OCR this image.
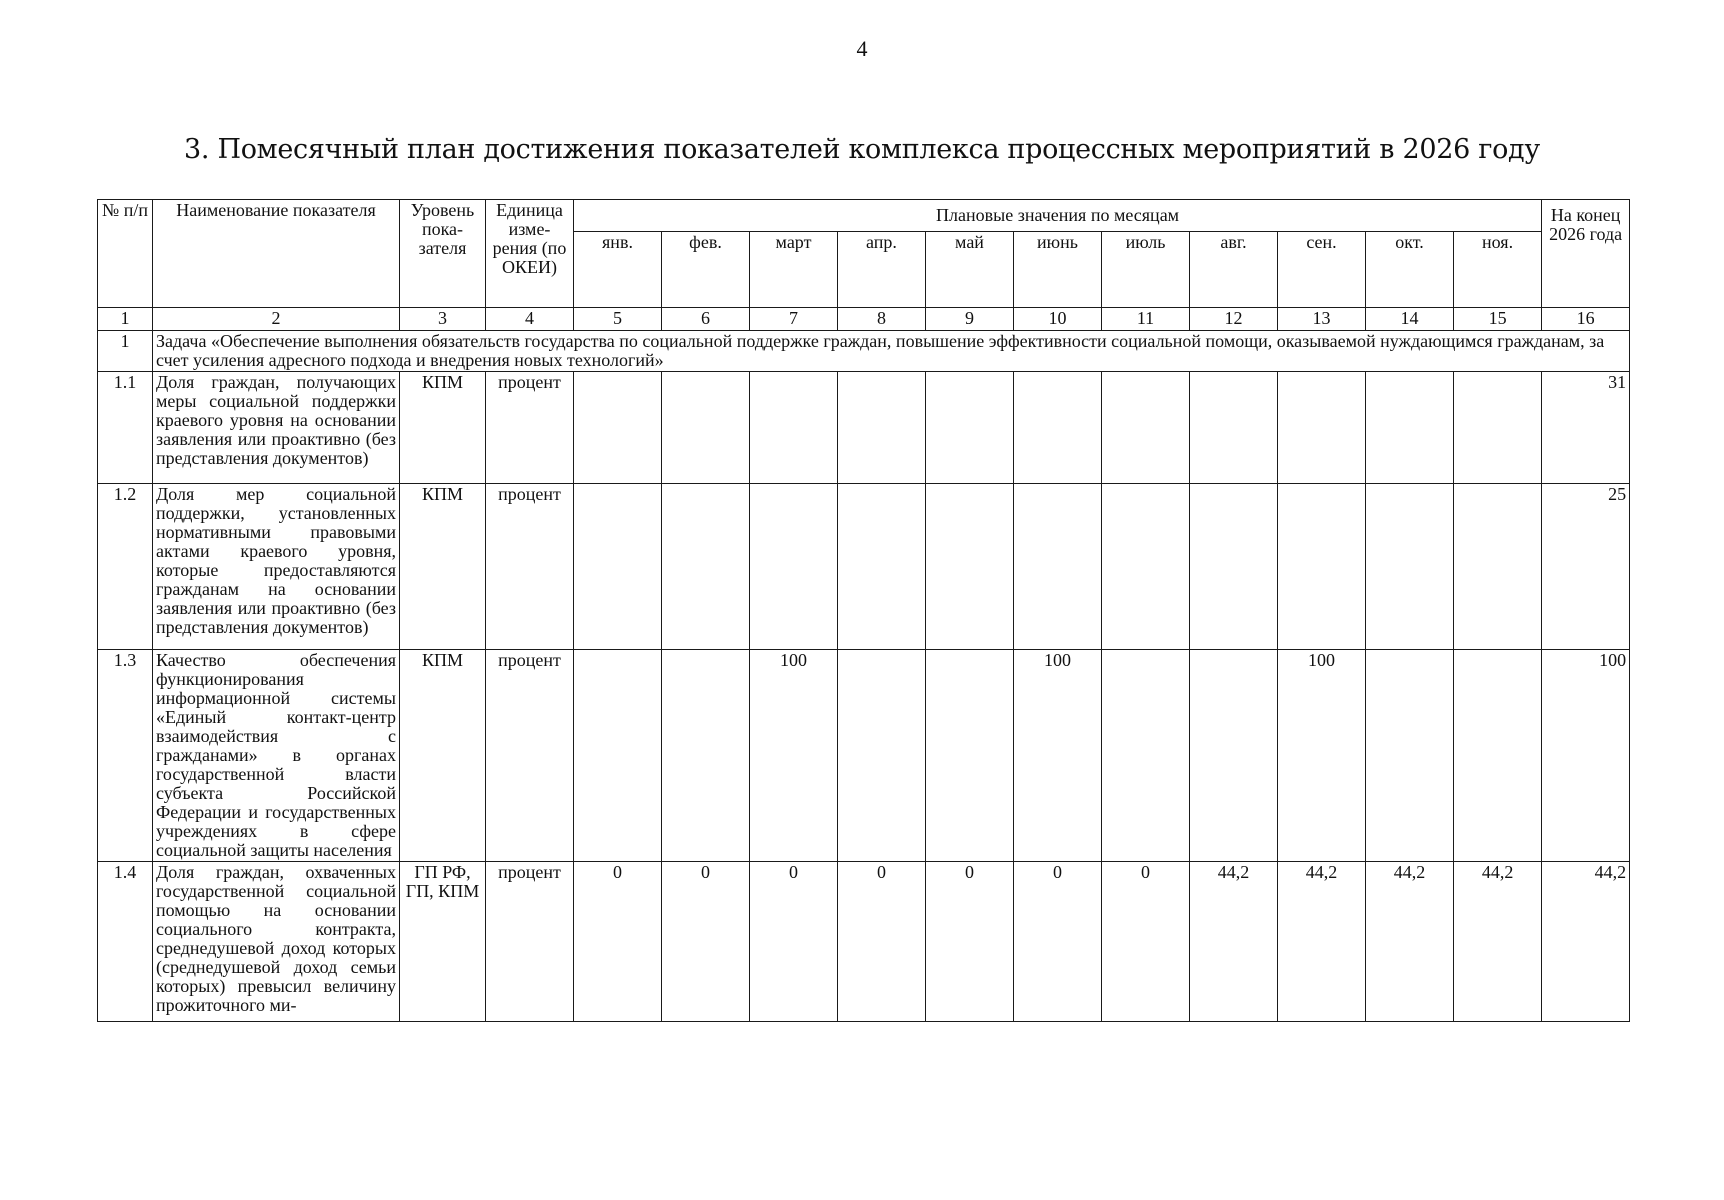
4
3. Помесячный план достижения показателей комплекса процессных мероприятий в 2026 году
№ п/п	Наименование показателя	Уровень пока-зателя	Единица изме-рения (по ОКЕИ)	Плановые значения по месяцам											На конец 2026 года
				янв.	фев.	март	апр.	май	июнь	июль	авг.	сен.	окт.	ноя.	
1	2	3	4	5	6	7	8	9	10	11	12	13	14	15	16
1	Задача «Обеспечение выполнения обязательств государства по социальной поддержке граждан, повышение эффективности социальной помощи, оказываемой нуждающимся гражданам, за счет усиления адресного подхода и внедрения новых технологий»														
1.1	Доля граждан, получающих меры социальной поддержки краевого уровня на основании заявления или проактивно (без представления документов)	КПМ	процент												31
1.2	Доля мер социальной поддержки, установленных нормативными правовыми актами краевого уровня, которые предоставляются гражданам на основании заявления или проактивно (без представления документов)	КПМ	процент												25
1.3	Качество обеспечения функционирования информационной системы «Единый контакт-центр взаимодействия с гражданами» в органах государственной власти субъекта Российской Федерации и государственных учреждениях в сфере социальной защиты населения	КПМ	процент			100			100			100			100
1.4	Доля граждан, охваченных государственной социальной помощью на основании социального контракта, среднедушевой доход которых (среднедушевой доход семьи которых) превысил величину прожиточного ми-	ГП РФ, ГП, КПМ	процент	0	0	0	0	0	0	0	44,2	44,2	44,2	44,2	44,2
